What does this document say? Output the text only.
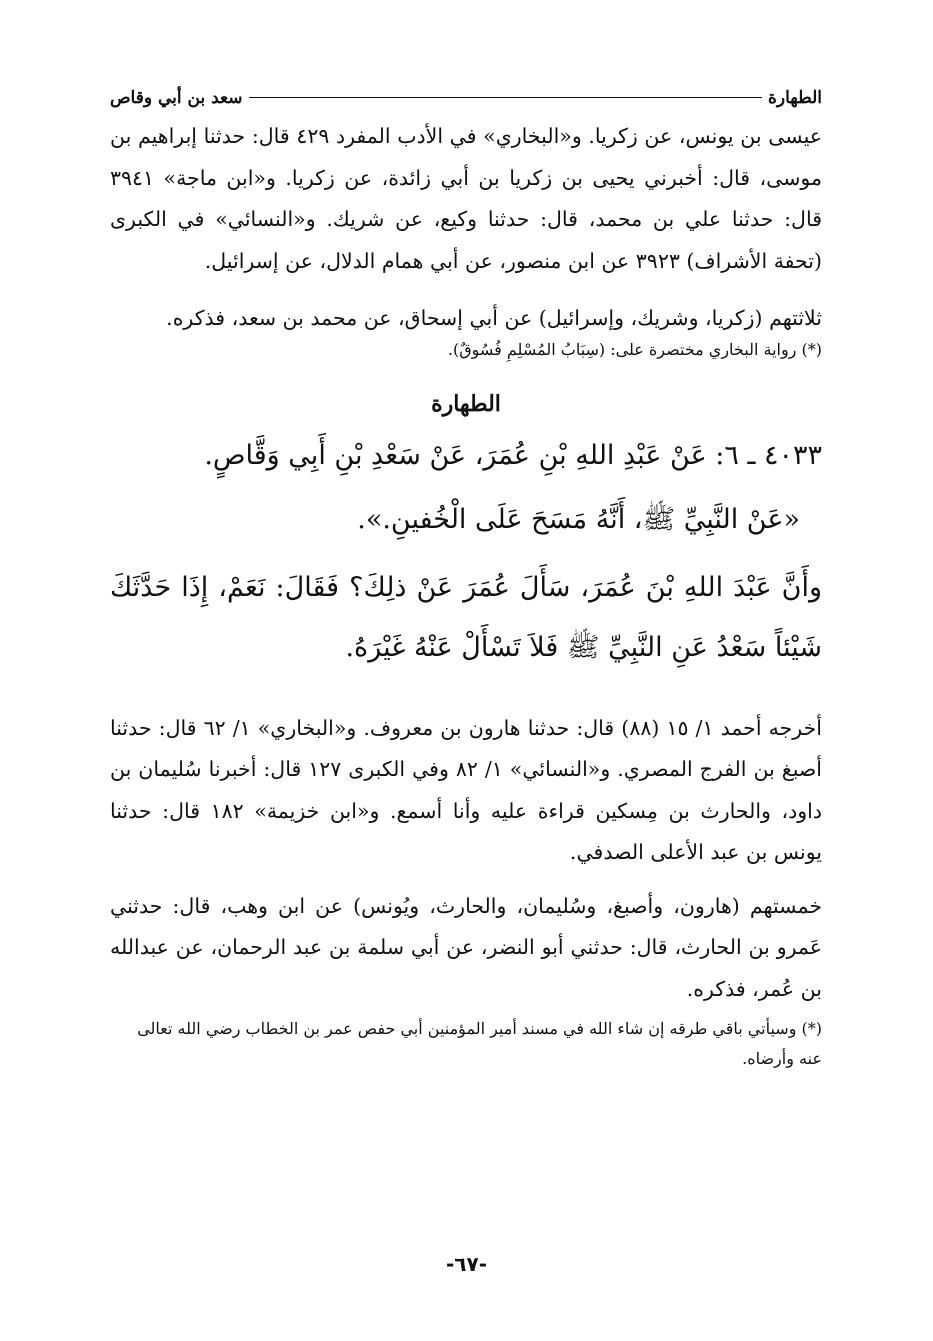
الطهارة
سعد بن أبي وقاص

عيسى بن يونس، عن زكريا. و«البخاري» في الأدب المفرد ٤٢٩ قال: حدثنا إبراهيم بن موسى، قال: أخبرني يحيى بن زكريا بن أبي زائدة، عن زكريا. و«ابن ماجة» ٣٩٤١ قال: حدثنا علي بن محمد، قال: حدثنا وكيع، عن شريك. و«النسائي» في الكبرى (تحفة الأشراف) ٣٩٢٣ عن ابن منصور، عن أبي همام الدلال، عن إسرائيل.

ثلاثتهم (زكريا، وشريك، وإسرائيل) عن أبي إسحاق، عن محمد بن سعد، فذكره.

(*) رواية البخاري مختصرة على: (سِبَابُ المُسْلِمِ فُسُوقٌ).

الطهارة

٤٠٣٣ ـ ٦: عَنْ عَبْدِ اللهِ بْنِ عُمَرَ، عَنْ سَعْدِ بْنِ أَبِي وَقَّاصٍ.

«عَنْ النَّبِيِّ ﷺ، أَنَّهُ مَسَحَ عَلَى الْخُفينِ.».

وأَنَّ عَبْدَ اللهِ بْنَ عُمَرَ، سَأَلَ عُمَرَ عَنْ ذلِكَ؟ فَقَالَ: نَعَمْ، إِذَا حَدَّثَكَ شَيْئاً سَعْدُ عَنِ النَّبِيِّ ﷺ فَلاَ تَسْأَلْ عَنْهُ غَيْرَهُ.

أخرجه أحمد ١/ ١٥ (٨٨) قال: حدثنا هارون بن معروف. و«البخاري» ١/ ٦٢ قال: حدثنا أصبغ بن الفرج المصري. و«النسائي» ١/ ٨٢ وفي الكبرى ١٢٧ قال: أخبرنا سُليمان بن داود، والحارث بن مِسكين قراءة عليه وأنا أسمع. و«ابن خزيمة» ١٨٢ قال: حدثنا يونس بن عبد الأعلى الصدفي.

خمستهم (هارون، وأصبغ، وسُليمان، والحارث، ويُونس) عن ابن وهب، قال: حدثني عَمرو بن الحارث، قال: حدثني أبو النضر، عن أبي سلمة بن عبد الرحمان، عن عبدالله بن عُمر، فذكره.

(*) وسيأتي باقي طرقه إن شاء الله في مسند أمير المؤمنين أبي حفص عمر بن الخطاب رضي الله تعالى عنه وأرضاه.

-٦٧-
